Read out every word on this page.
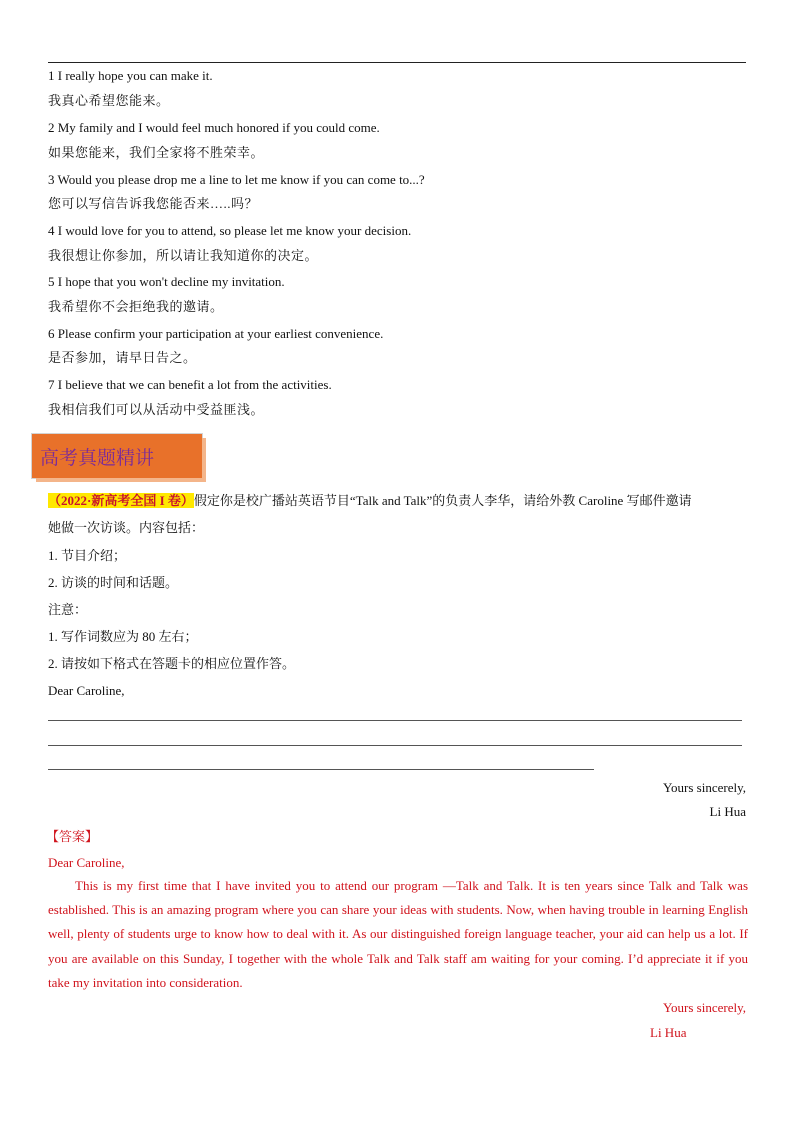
1 I really hope you can make it.
我真心希望您能来。
2 My family and I would feel much honored if you could come.
如果您能来，我们全家将不胜荣幸。
3 Would you please drop me a line to let me know if you can come to...?
您可以写信告诉我您能否来…..吗？
4 I would love for you to attend, so please let me know your decision.
我很想让你参加，所以请让我知道你的决定。
5 I hope that you won't decline my invitation.
我希望你不会拒绝我的邀请。
6 Please confirm your participation at your earliest convenience.
是否参加，请早日告之。
7 I believe that we can benefit a lot from the activities.
我相信我们可以从活动中受益匪浅。
高考真题精讲
（2022·新高考全国 I 卷）假定你是校广播站英语节目“Talk and Talk”的负责人李华，请给外教 Caroline 写邮件邀请
她做一次访谈。内容包括：
1. 节目介绍；
2. 访谈的时间和话题。
注意：
1. 写作词数应为 80 左右；
2. 请按如下格式在答题卡的相应位置作答。
Dear Caroline,
Yours sincerely,
Li Hua
【答案】
Dear Caroline,
This is my first time that I have invited you to attend our program —Talk and Talk. It is ten years since Talk and Talk was established. This is an amazing program where you can share your ideas with students. Now, when having trouble in learning English well, plenty of students urge to know how to deal with it. As our distinguished foreign language teacher, your aid can help us a lot. If you are available on this Sunday, I together with the whole Talk and Talk staff am waiting for your coming. I’d appreciate it if you take my invitation into consideration.
Yours sincerely,
Li Hua
